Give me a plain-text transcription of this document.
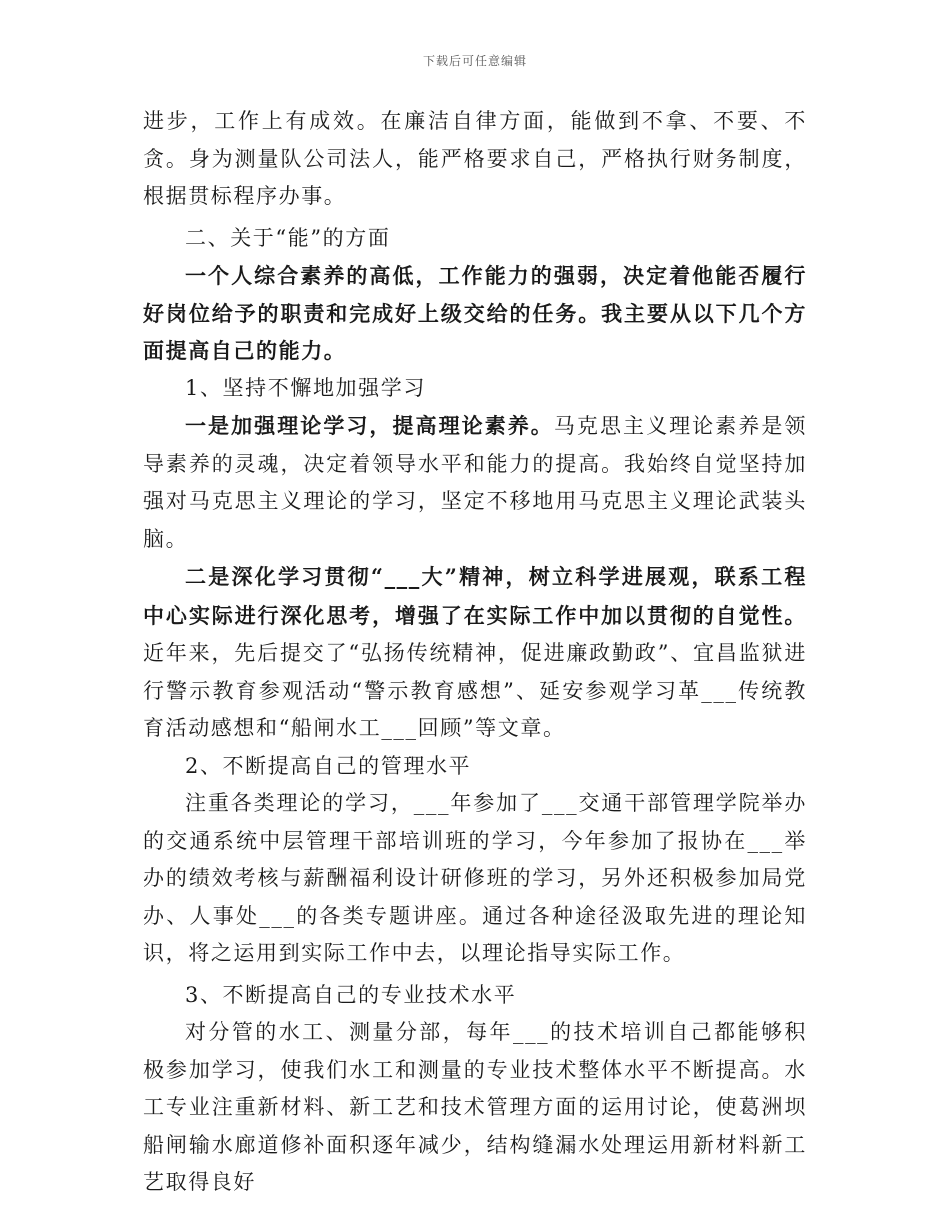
下载后可任意编辑

进步，工作上有成效。在廉洁自律方面，能做到不拿、不要、不贪。身为测量队公司法人，能严格要求自己，严格执行财务制度，根据贯标程序办事。

二、关于“能”的方面

一个人综合素养的高低，工作能力的强弱，决定着他能否履行好岗位给予的职责和完成好上级交给的任务。我主要从以下几个方面提高自己的能力。

1、坚持不懈地加强学习

一是加强理论学习，提高理论素养。马克思主义理论素养是领导素养的灵魂，决定着领导水平和能力的提高。我始终自觉坚持加强对马克思主义理论的学习，坚定不移地用马克思主义理论武装头脑。

二是深化学习贯彻“___大”精神，树立科学进展观，联系工程中心实际进行深化思考，增强了在实际工作中加以贯彻的自觉性。近年来，先后提交了“弘扬传统精神，促进廉政勤政”、宜昌监狱进行警示教育参观活动“警示教育感想”、延安参观学习革___传统教育活动感想和“船闸水工___回顾”等文章。

2、不断提高自己的管理水平

注重各类理论的学习，___年参加了___交通干部管理学院举办的交通系统中层管理干部培训班的学习，今年参加了报协在___举办的绩效考核与薪酬福利设计研修班的学习，另外还积极参加局党办、人事处___的各类专题讲座。通过各种途径汲取先进的理论知识，将之运用到实际工作中去，以理论指导实际工作。

3、不断提高自己的专业技术水平

对分管的水工、测量分部，每年___的技术培训自己都能够积极参加学习，使我们水工和测量的专业技术整体水平不断提高。水工专业注重新材料、新工艺和技术管理方面的运用讨论，使葛洲坝船闸输水廊道修补面积逐年减少，结构缝漏水处理运用新材料新工艺取得良好
